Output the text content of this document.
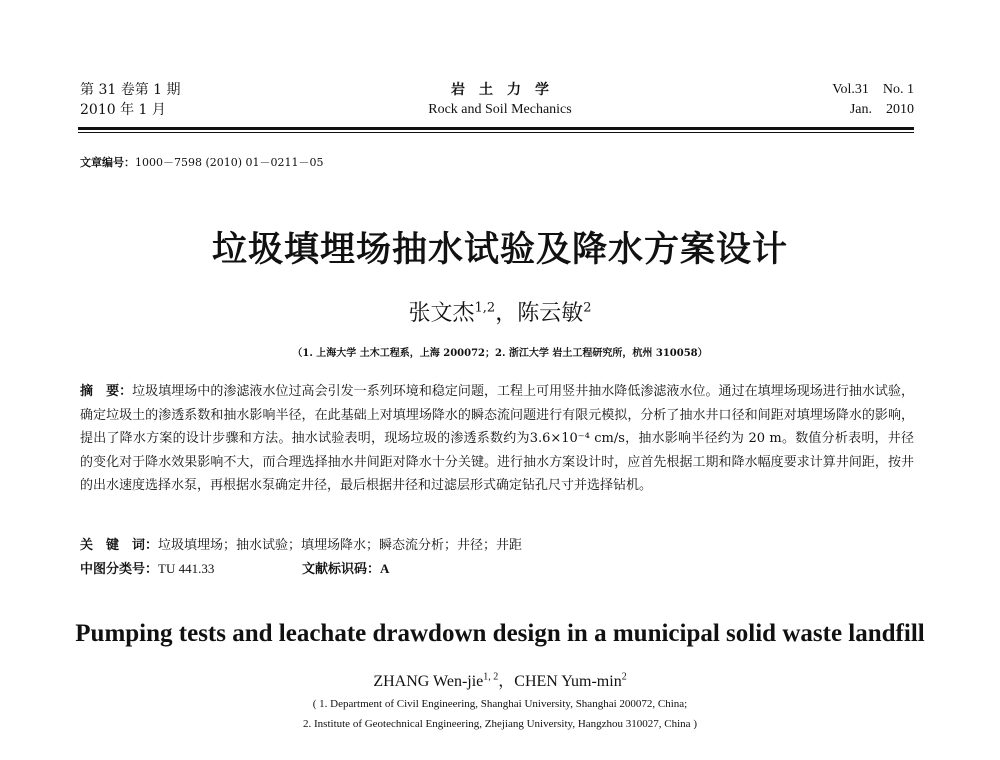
第 31 卷第 1 期
2010 年 1 月
岩　土　力　学
Rock and Soil Mechanics
Vol.31　No. 1
Jan.　2010
文章编号：1000－7598 (2010) 01－0211－05
垃圾填埋场抽水试验及降水方案设计
张文杰$^{1,2}$，陈云敏$^2$
（1. 上海大学 土木工程系，上海 200072；2. 浙江大学 岩土工程研究所，杭州 310058）
摘　要：垃圾填埋场中的渗滤液水位过高会引发一系列环境和稳定问题，工程上可用竖井抽水降低渗滤液水位。通过在填埋场现场进行抽水试验，确定垃圾土的渗透系数和抽水影响半径，在此基础上对填埋场降水的瞬态流问题进行有限元模拟，分析了抽水井口径和间距对填埋场降水的影响，提出了降水方案的设计步骤和方法。抽水试验表明，现场垃圾的渗透系数约为3.6×10⁻⁴ cm/s，抽水影响半径约为 20 m。数值分析表明，井径的变化对于降水效果影响不大，而合理选择抽水井间距对降水十分关键。进行抽水方案设计时，应首先根据工期和降水幅度要求计算井间距，按井的出水速度选择水泵，再根据水泵确定井径，最后根据井径和过滤层形式确定钻孔尺寸并选择钻机。
关　键　词：垃圾填埋场；抽水试验；填埋场降水；瞬态流分析；井径；井距
中图分类号：TU 441.33	文献标识码：A
Pumping tests and leachate drawdown design in a municipal solid waste landfill
ZHANG Wen-jie$^{1, 2}$，CHEN Yum-$\min^2$
( 1. Department of Civil Engineering, Shanghai University, Shanghai 200072, China;
2. Institute of Geotechnical Engineering, Zhejiang University, Hangzhou 310027, China )
